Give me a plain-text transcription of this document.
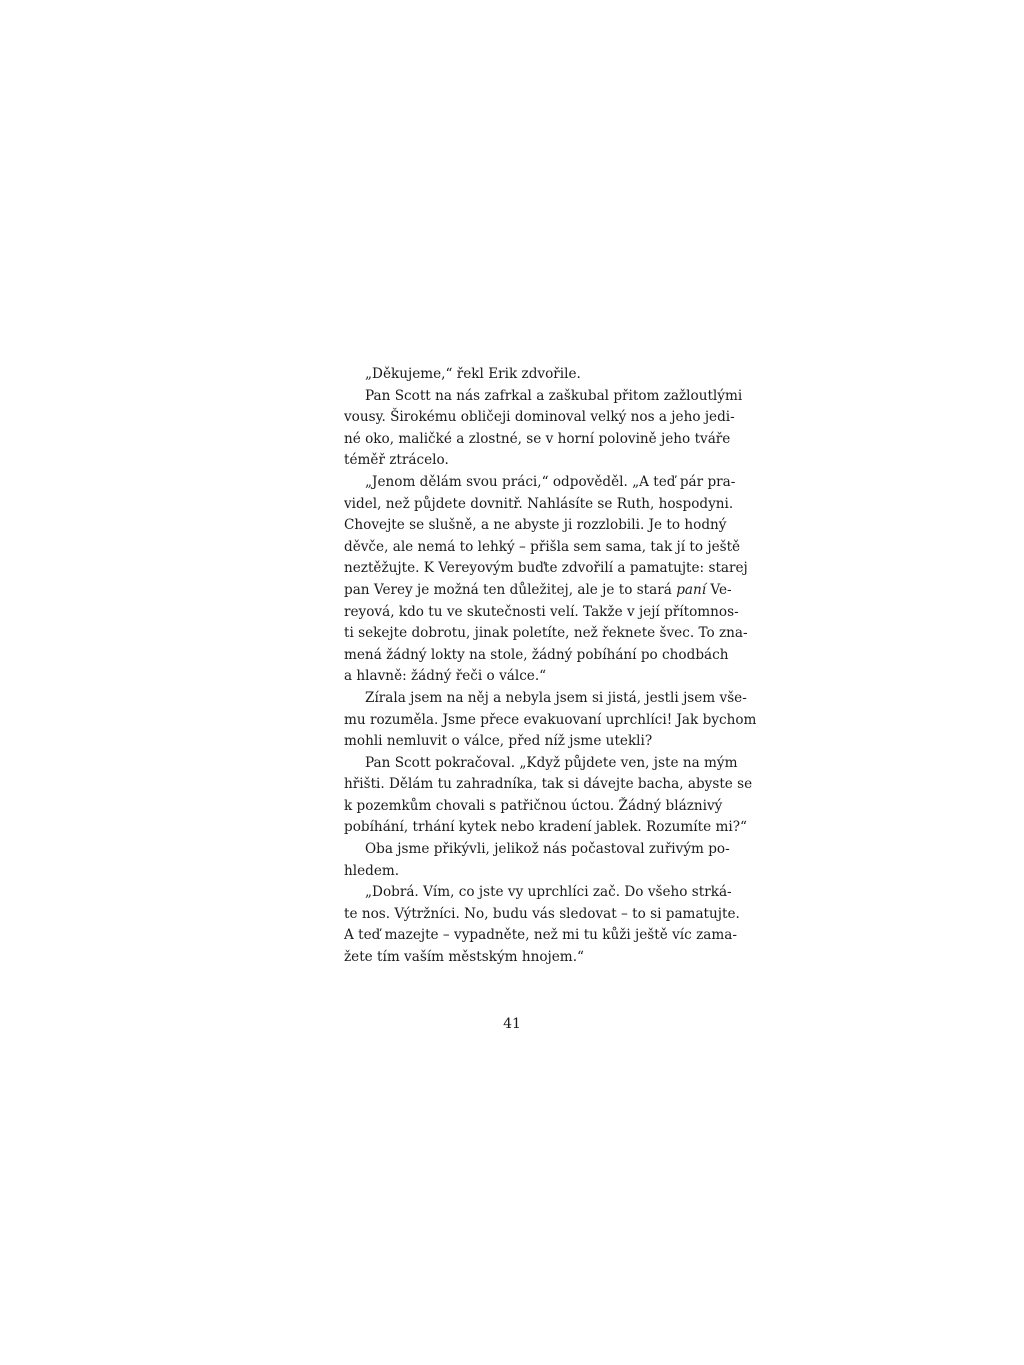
„Děkujeme,“ řekl Erik zdvořile.

Pan Scott na nás zafrkal a zaškubal přitom zažloutlými
vousy. Širokému obličeji dominoval velký nos a jeho jedi-
né oko, maličké a zlostné, se v horní polovině jeho tváře
téměř ztrácelo.

„Jenom dělám svou práci,“ odpověděl. „A teď pár pra-
videl, než půjdete dovnitř. Nahlásíte se Ruth, hospodyni.
Chovejte se slušně, a ne abyste ji rozzlobili. Je to hodný
děvče, ale nemá to lehký – přišla sem sama, tak jí to ještě
neztěžujte. K Vereyovým buďte zdvořilí a pamatujte: starej
pan Verey je možná ten důležitej, ale je to stará paní Ve-
reyová, kdo tu ve skutečnosti velí. Takže v její přítomnos-
ti sekejte dobrotu, jinak poletíte, než řeknete švec. To zna-
mená žádný lokty na stole, žádný pobíhání po chodbách
a hlavně: žádný řeči o válce.“

Zírala jsem na něj a nebyla jsem si jistá, jestli jsem vše-
mu rozuměla. Jsme přece evakuovaní uprchlíci! Jak bychom
mohli nemluvit o válce, před níž jsme utekli?

Pan Scott pokračoval. „Když půjdete ven, jste na mým
hřišti. Dělám tu zahradníka, tak si dávejte bacha, abyste se
k pozemkům chovali s patřičnou úctou. Žádný bláznivý
pobíhání, trhání kytek nebo kradení jablek. Rozumíte mi?“

Oba jsme přikývli, jelikož nás počastoval zuřivým po-
hledem.

„Dobrá. Vím, co jste vy uprchlíci zač. Do všeho strká-
te nos. Výtržníci. No, budu vás sledovat – to si pamatujte.
A teď mazejte – vypadněte, než mi tu kůži ještě víc zama-
žete tím vaším městským hnojem.“

41
